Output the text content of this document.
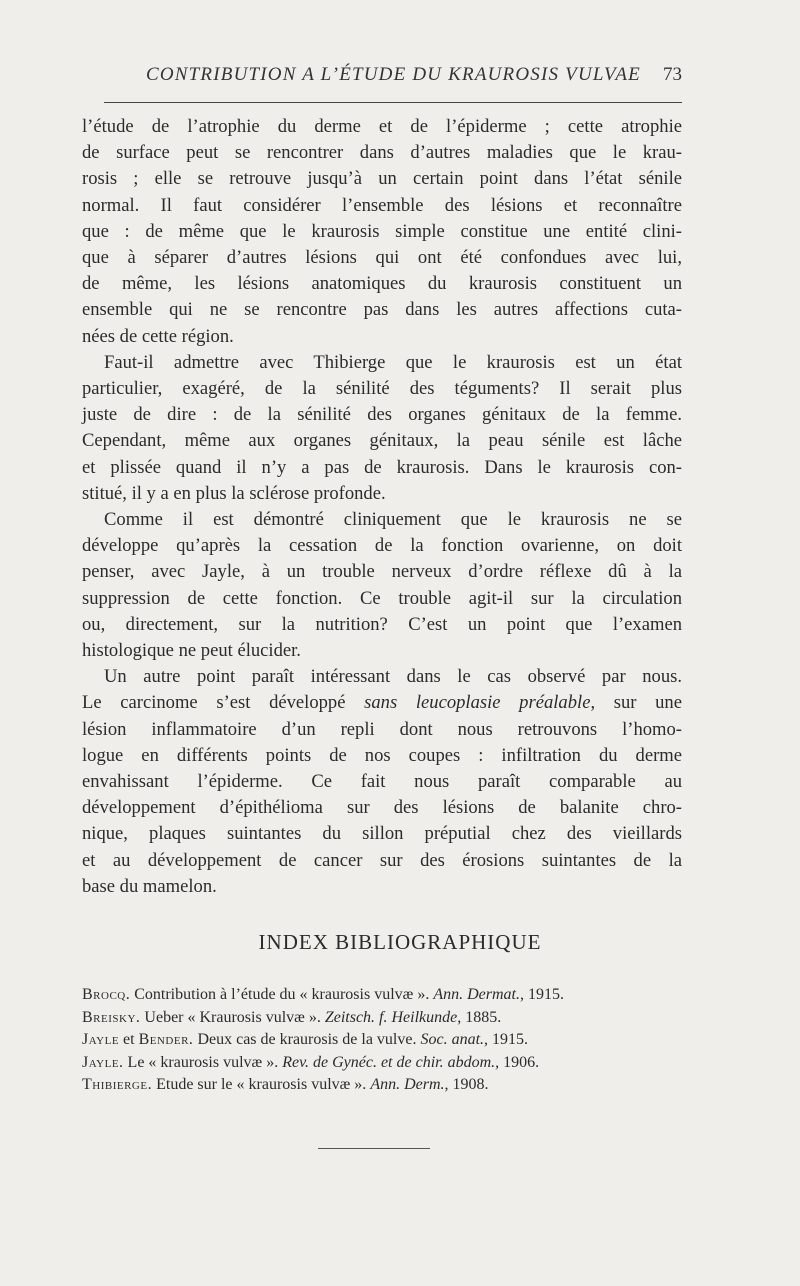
CONTRIBUTION A L’ÉTUDE DU KRAUROSIS VULVAE 73
l’étude de l’atrophie du derme et de l’épiderme ; cette atrophie
de surface peut se rencontrer dans d’autres maladies que le krau-
rosis ; elle se retrouve jusqu’à un certain point dans l’état sénile
normal. Il faut considérer l’ensemble des lésions et reconnaître
que : de même que le kraurosis simple constitue une entité clini-
que à séparer d’autres lésions qui ont été confondues avec lui,
de même, les lésions anatomiques du kraurosis constituent un
ensemble qui ne se rencontre pas dans les autres affections cuta-
nées de cette région.
Faut-il admettre avec Thibierge que le kraurosis est un état
particulier, exagéré, de la sénilité des téguments? Il serait plus
juste de dire : de la sénilité des organes génitaux de la femme.
Cependant, même aux organes génitaux, la peau sénile est lâche
et plissée quand il n’y a pas de kraurosis. Dans le kraurosis con-
stitué, il y a en plus la sclérose profonde.
Comme il est démontré cliniquement que le kraurosis ne se
développe qu’après la cessation de la fonction ovarienne, on doit
penser, avec Jayle, à un trouble nerveux d’ordre réflexe dû à la
suppression de cette fonction. Ce trouble agit-il sur la circulation
ou, directement, sur la nutrition? C’est un point que l’examen
histologique ne peut élucider.
Un autre point paraît intéressant dans le cas observé par nous.
Le carcinome s’est développé sans leucoplasie préalable, sur une
lésion inflammatoire d’un repli dont nous retrouvons l’homo-
logue en différents points de nos coupes : infiltration du derme
envahissant l’épiderme. Ce fait nous paraît comparable au
développement d’épithélioma sur des lésions de balanite chro-
nique, plaques suintantes du sillon préputial chez des vieillards
et au développement de cancer sur des érosions suintantes de la
base du mamelon.
INDEX BIBLIOGRAPHIQUE
Brocq. Contribution à l’étude du « kraurosis vulvæ ». Ann. Dermat., 1915.
Breisky. Ueber « Kraurosis vulvæ ». Zeitsch. f. Heilkunde, 1885.
Jayle et Bender. Deux cas de kraurosis de la vulve. Soc. anat., 1915.
Jayle. Le « kraurosis vulvæ ». Rev. de Gynéc. et de chir. abdom., 1906.
Thibierge. Etude sur le « kraurosis vulvæ ». Ann. Derm., 1908.
